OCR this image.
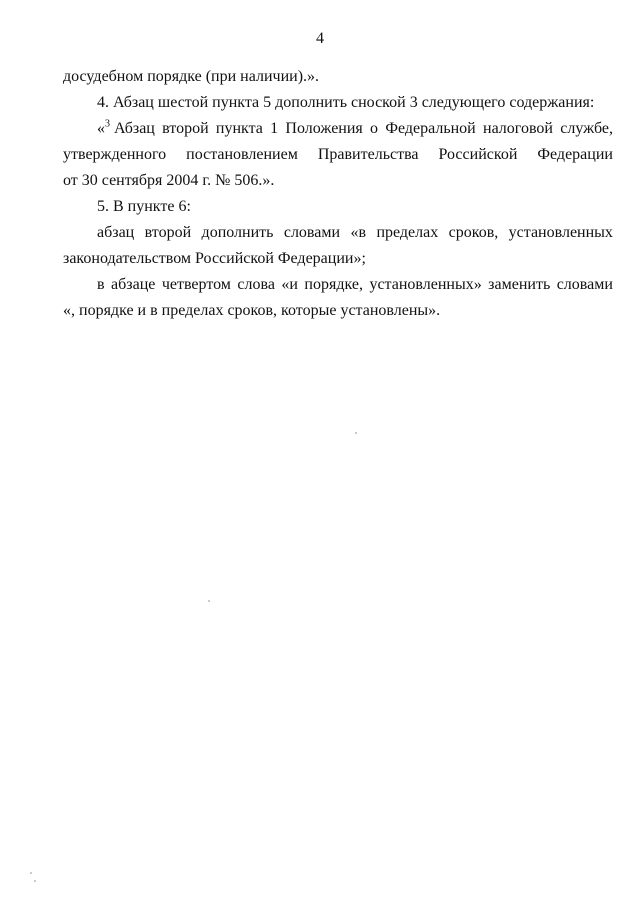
4

досудебном порядке (при наличии).».

4. Абзац шестой пункта 5 дополнить сноской 3 следующего содержания:

«$^3$ Абзац второй пункта 1 Положения о Федеральной налоговой службе,
утвержденного постановлением Правительства Российской Федерации
от 30 сентября 2004 г. № 506.».

5. В пункте 6:

абзац второй дополнить словами «в пределах сроков, установленных
законодательством Российской Федерации»;
в абзаце четвертом слова «и порядке, установленных» заменить словами
«, порядке и в пределах сроков, которые установлены».
